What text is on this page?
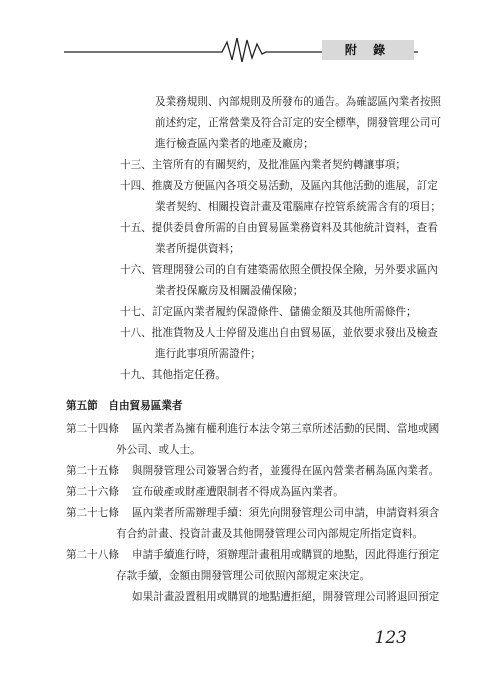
附 錄
及業務規則、內部規則及所發布的通告。為確認區內業者按照
前述約定，正常營業及符合訂定的安全標準，開發管理公司可
進行檢查區內業者的地產及廠房；
十三、主管所有的有關契約，及批准區內業者契約轉讓事項；
十四、推廣及方便區內各項交易活動，及區內其他活動的進展，訂定
業者契約、相關投資計畫及電腦庫存控管系統需含有的項目；
十五、提供委員會所需的自由貿易區業務資料及其他統計資料，查看
業者所提供資料；
十六、管理開發公司的自有建築需依照全價投保全險，另外要求區內
業者投保廠房及相關設備保險；
十七、訂定區內業者履約保證條件、儲備金額及其他所需條件；
十八、批准貨物及人士停留及進出自由貿易區，並依要求發出及檢查
進行此事項所需證件；
十九、其他指定任務。
第五節　自由貿易區業者
第二十四條 區內業者為擁有權利進行本法令第三章所述活動的民間、當地或國
外公司、或人士。
第二十五條 與開發管理公司簽署合約者，並獲得在區內營業者稱為區內業者。
第二十六條 宣布破產或財產遭限制者不得成為區內業者。
第二十七條 區內業者所需辦理手續：須先向開發管理公司申請，申請資料須含
有合約計畫、投資計畫及其他開發管理公司內部規定所指定資料。
第二十八條 申請手續進行時，須辦理計畫租用或購買的地點，因此得進行預定
存款手續，金額由開發管理公司依照內部規定來決定。
如果計畫設置租用或購買的地點遭拒絕，開發管理公司將退回預定
123
